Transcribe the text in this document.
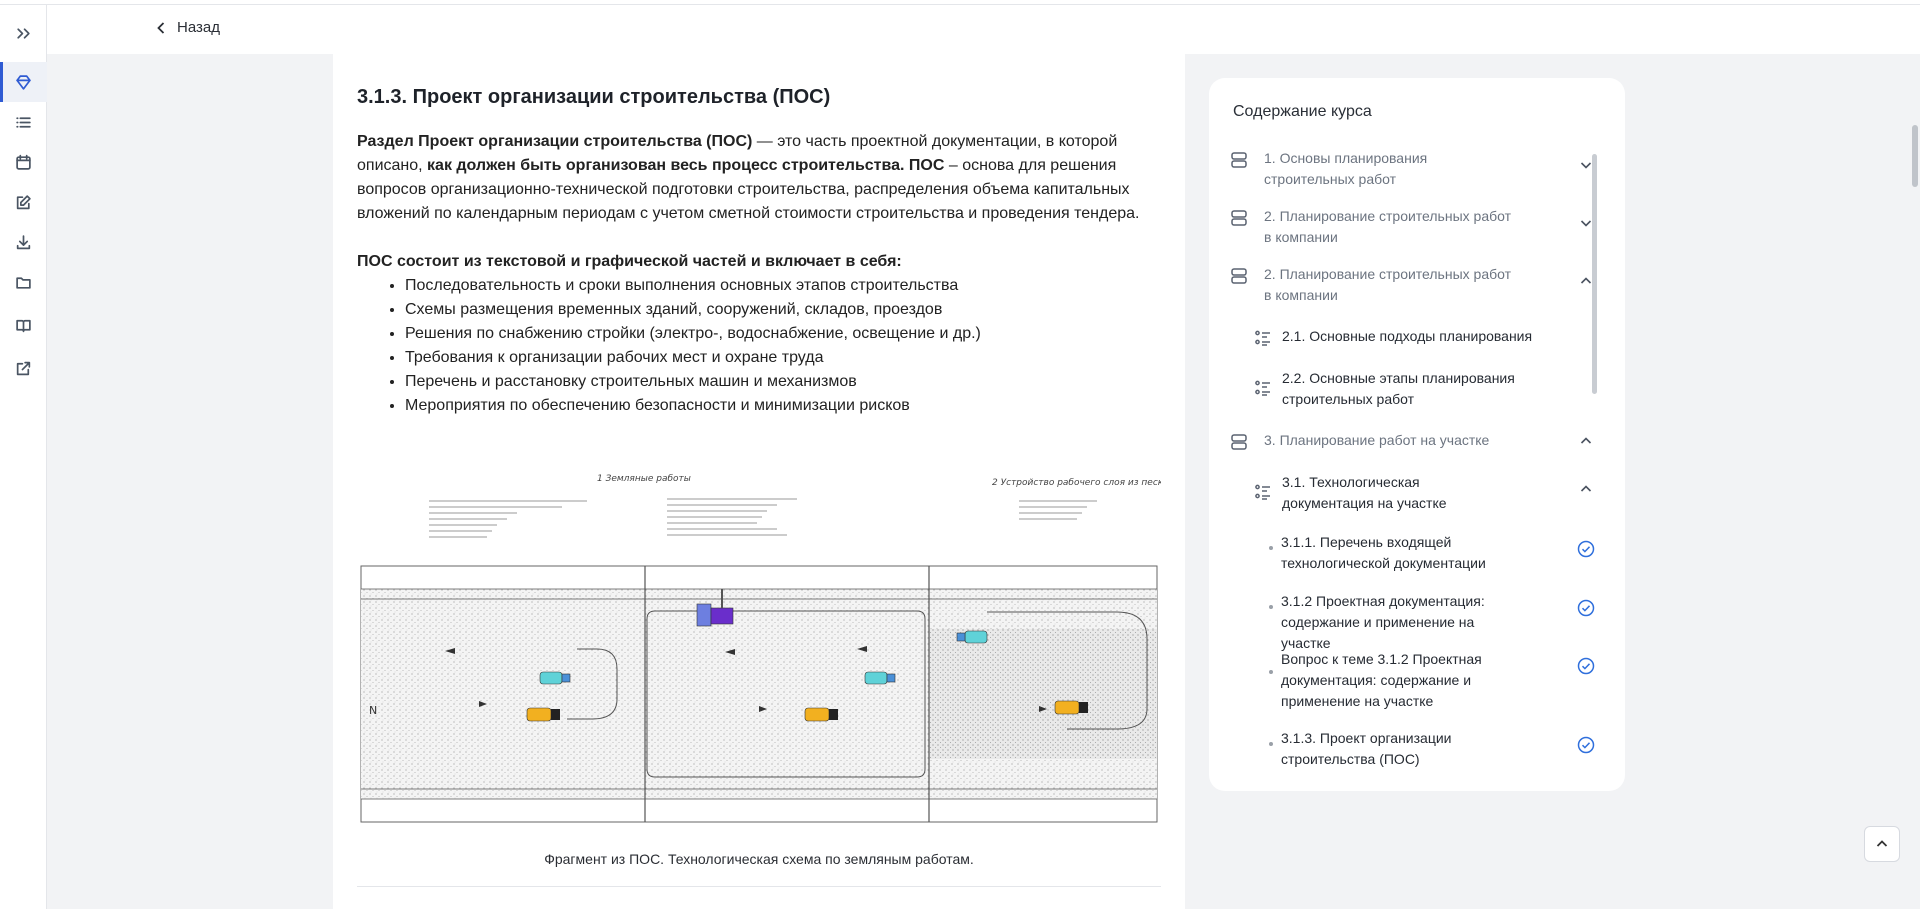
Назад
3.1.3. Проект организации строительства (ПОС)

Раздел Проект организации строительства (ПОС) — это часть проектной документации, в которой описано, как должен быть организован весь процесс строительства. ПОС – основа для решения вопросов организационно-технической подготовки строительства, распределения объема капитальных вложений по календарным периодам с учетом сметной стоимости строительства и проведения тендера.

ПОС состоит из текстовой и графической частей и включает в себя:

• Последовательность и сроки выполнения основных этапов строительства
• Схемы размещения временных зданий, сооружений, складов, проездов
• Решения по снабжению стройки (электро-, водоснабжение, освещение и др.)
• Требования к организации рабочих мест и охране труда
• Перечень и расстановку строительных машин и механизмов
• Мероприятия по обеспечению безопасности и минимизации рисков
1 Земляные работы	2 Устройство рабочего слоя из песка
N
Фрагмент из ПОС. Технологическая схема по земляным работам.
Содержание курса
1. Основы планирования строительных работ
2. Планирование строительных работ в компании
2. Планирование строительных работ в компании
2.1. Основные подходы планирования
2.2. Основные этапы планирования строительных работ
3. Планирование работ на участке
3.1. Технологическая документация на участке
3.1.1. Перечень входящей технологической документации
3.1.2 Проектная документация: содержание и применение на участке
Вопрос к теме 3.1.2 Проектная документация: содержание и применение на участке
3.1.3. Проект организации строительства (ПОС)
